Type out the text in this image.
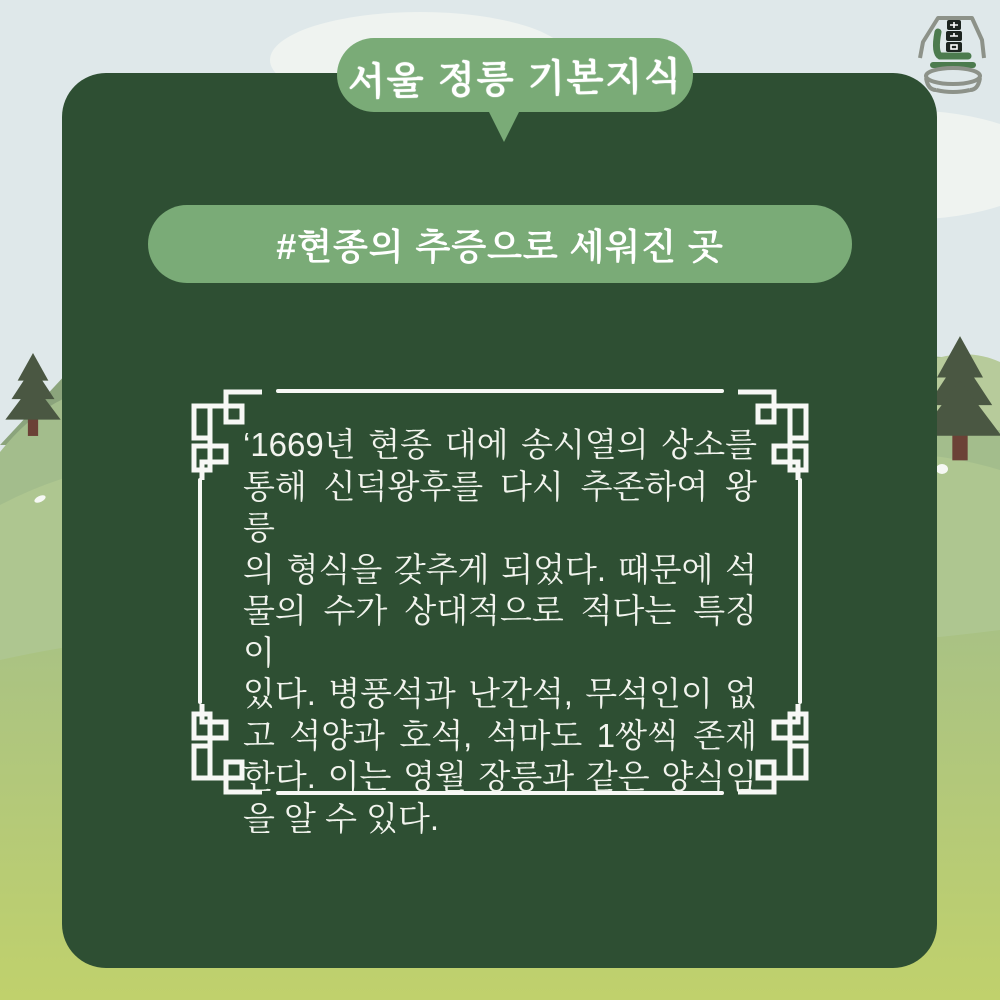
‘1669년 현종 대에 송시열의 상소를
통해 신덕왕후를 다시 추존하여 왕릉
의 형식을 갖추게 되었다. 때문에 석
물의 수가 상대적으로 적다는 특징이
있다. 병풍석과 난간석, 무석인이 없
고 석양과 호석, 석마도 1쌍씩 존재
한다. 이는 영월 장릉과 같은 양식임
을 알 수 있다.
#현종의 추증으로 세워진 곳
서울 정릉 기본지식
